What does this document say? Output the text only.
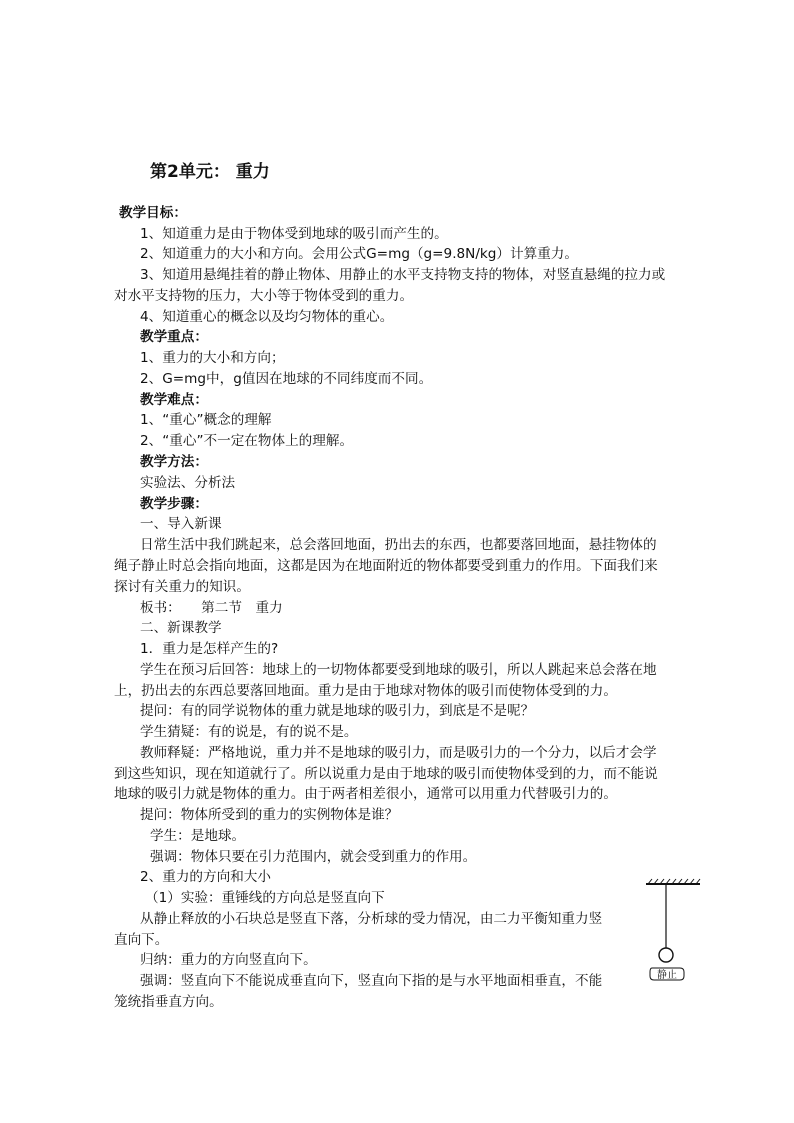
第2单元： 重力
教学目标：
1、知道重力是由于物体受到地球的吸引而产生的。
2、知道重力的大小和方向。会用公式G=mg（g=9.8N/kg）计算重力。
3、知道用悬绳挂着的静止物体、用静止的水平支持物支持的物体，对竖直悬绳的拉力或
对水平支持物的压力，大小等于物体受到的重力。
4、知道重心的概念以及均匀物体的重心。
教学重点：
1、重力的大小和方向；
2、G=mg中，g值因在地球的不同纬度而不同。
教学难点：
1、“重心”概念的理解
2、“重心”不一定在物体上的理解。
教学方法：
实验法、分析法
教学步骤：
一、导入新课
日常生活中我们跳起来，总会落回地面，扔出去的东西，也都要落回地面，悬挂物体的
绳子静止时总会指向地面，这都是因为在地面附近的物体都要受到重力的作用。下面我们来
探讨有关重力的知识。
板书：　　第二节　重力
二、新课教学
1．重力是怎样产生的?
学生在预习后回答：地球上的一切物体都要受到地球的吸引，所以人跳起来总会落在地
上，扔出去的东西总要落回地面。重力是由于地球对物体的吸引而使物体受到的力。
提问：有的同学说物体的重力就是地球的吸引力，到底是不是呢？
学生猜疑：有的说是，有的说不是。
教师释疑：严格地说，重力并不是地球的吸引力，而是吸引力的一个分力，以后才会学
到这些知识，现在知道就行了。所以说重力是由于地球的吸引而使物体受到的力，而不能说
地球的吸引力就是物体的重力。由于两者相差很小，通常可以用重力代替吸引力的。
提问：物体所受到的重力的实例物体是谁？
学生：是地球。
强调：物体只要在引力范围内，就会受到重力的作用。
2、重力的方向和大小
（1）实验：重锤线的方向总是竖直向下
从静止释放的小石块总是竖直下落，分析球的受力情况，由二力平衡知重力竖
直向下。
归纳：重力的方向竖直向下。
强调：竖直向下不能说成垂直向下，竖直向下指的是与水平地面相垂直，不能
笼统指垂直方向。
静止
